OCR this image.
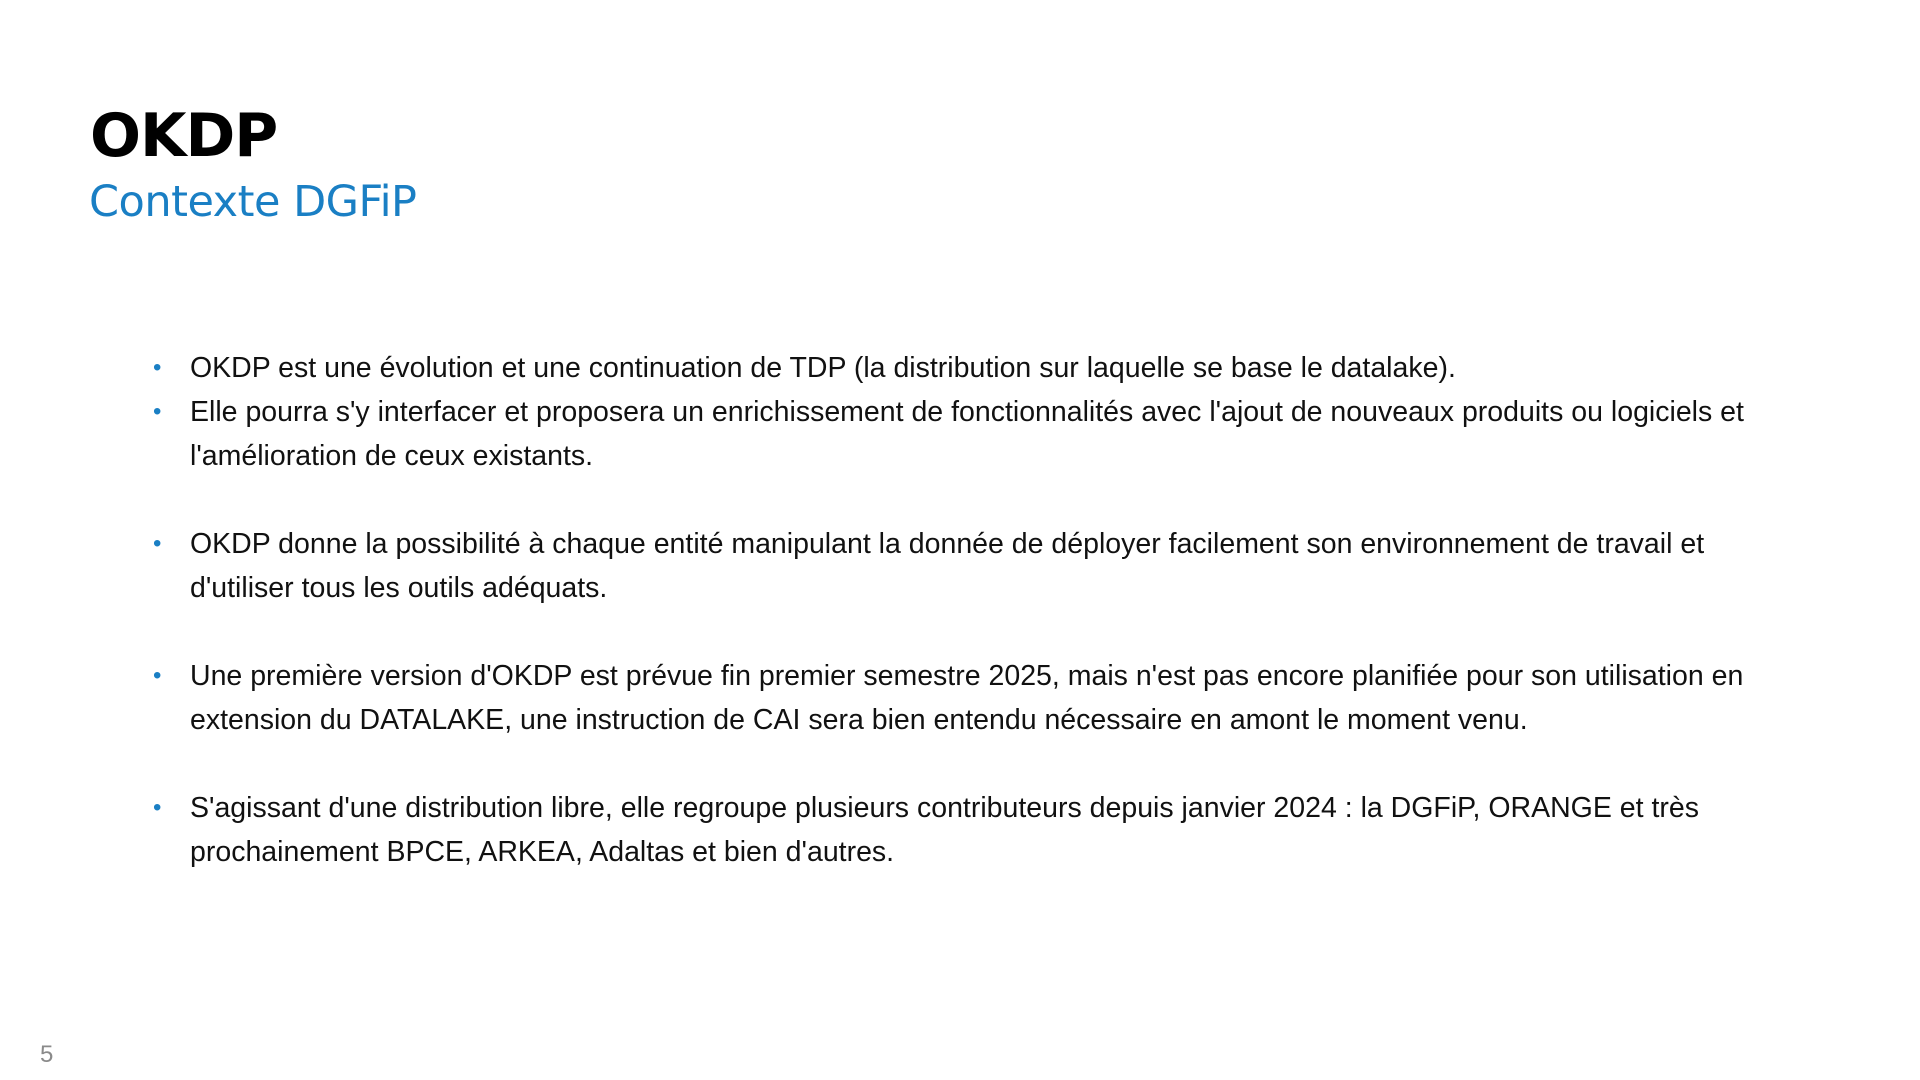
OKDP
Contexte DGFiP
• OKDP est une évolution et une continuation de TDP (la distribution sur laquelle se base le datalake).
• Elle pourra s'y interfacer et proposera un enrichissement de fonctionnalités avec l'ajout de nouveaux produits ou logiciels et l'amélioration de ceux existants.
• OKDP donne la possibilité à chaque entité manipulant la donnée de déployer facilement son environnement de travail et d'utiliser tous les outils adéquats.
• Une première version d'OKDP est prévue fin premier semestre 2025, mais n'est pas encore planifiée pour son utilisation en extension du DATALAKE, une instruction de CAI sera bien entendu nécessaire en amont le moment venu.
• S'agissant d'une distribution libre, elle regroupe plusieurs contributeurs depuis janvier 2024 : la DGFiP, ORANGE et très prochainement BPCE, ARKEA, Adaltas et bien d'autres.
5
